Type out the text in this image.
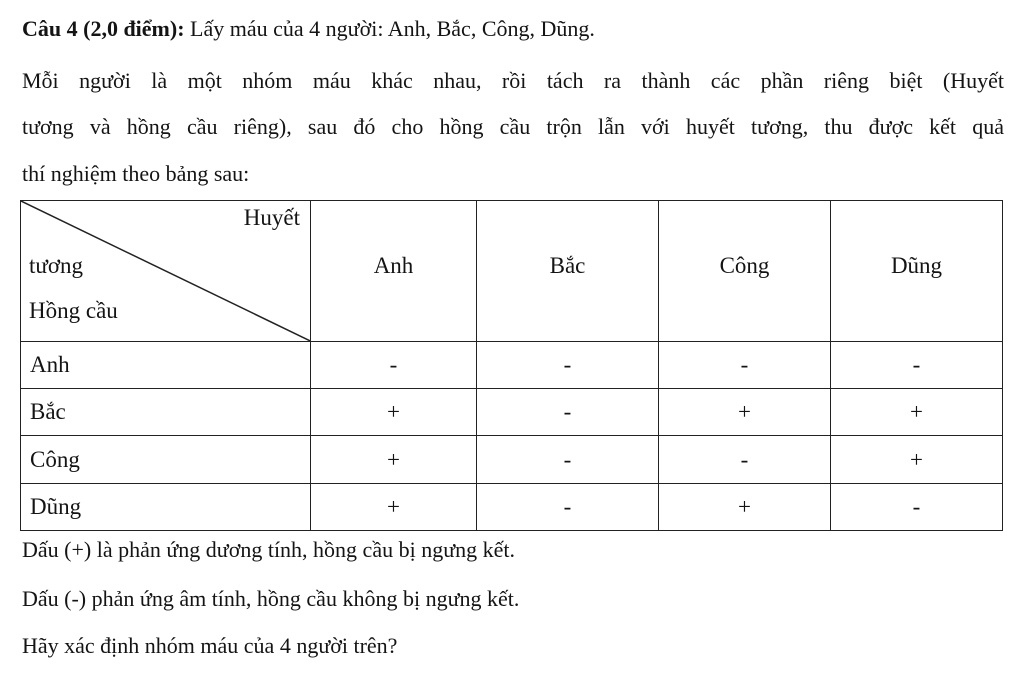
Câu 4 (2,0 điểm): Lấy máu của 4 người: Anh, Bắc, Công, Dũng.
Mỗi người là một nhóm máu khác nhau, rồi tách ra thành các phần riêng biệt (Huyết
tương và hồng cầu riêng), sau đó cho hồng cầu trộn lẫn với huyết tương, thu được kết quả
thí nghiệm theo bảng sau:
Huyết
tương
Hồng cầu	Anh	Bắc	Công	Dũng
Anh	-	-	-	-
Bắc	+	-	+	+
Công	+	-	-	+
Dũng	+	-	+	-
Dấu (+) là phản ứng dương tính, hồng cầu bị ngưng kết.
Dấu (-) phản ứng âm tính, hồng cầu không bị ngưng kết.
Hãy xác định nhóm máu của 4 người trên?
